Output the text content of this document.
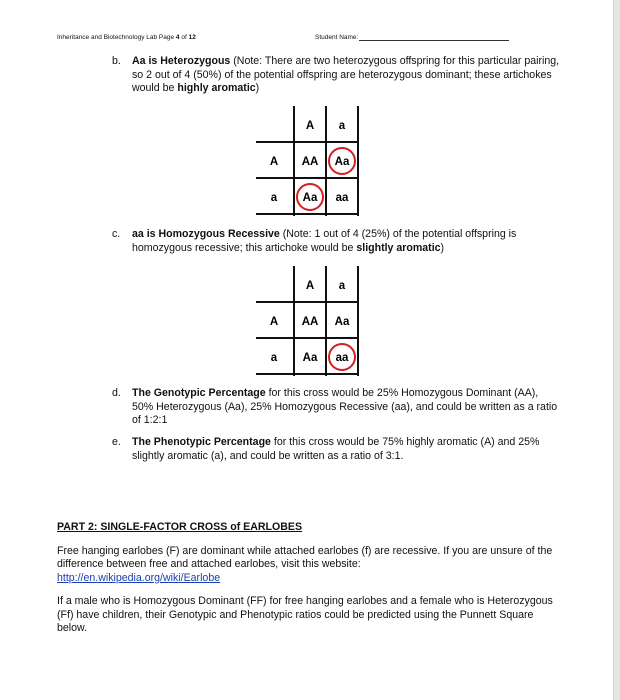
Inheritance and Biotechnology Lab Page 4 of 12	Student Name:
b. Aa is Heterozygous (Note: There are two heterozygous offspring for this particular pairing, so 2 out of 4 (50%) of the potential offspring are heterozygous dominant; these artichokes would be highly aromatic)
A a
A
a
AA Aa
Aa aa
c. aa is Homozygous Recessive (Note: 1 out of 4 (25%) of the potential offspring is homozygous recessive; this artichoke would be slightly aromatic)
A a
A
a
AA Aa
Aa aa
d. The Genotypic Percentage for this cross would be 25% Homozygous Dominant (AA), 50% Heterozygous (Aa), 25% Homozygous Recessive (aa), and could be written as a ratio of 1:2:1
e. The Phenotypic Percentage for this cross would be 75% highly aromatic (A) and 25% slightly aromatic (a), and could be written as a ratio of 3:1.
PART 2: SINGLE-FACTOR CROSS of EARLOBES
Free hanging earlobes (F) are dominant while attached earlobes (f) are recessive. If you are unsure of the difference between free and attached earlobes, visit this website:
http://en.wikipedia.org/wiki/Earlobe
If a male who is Homozygous Dominant (FF) for free hanging earlobes and a female who is Heterozygous (Ff) have children, their Genotypic and Phenotypic ratios could be predicted using the Punnett Square below.
